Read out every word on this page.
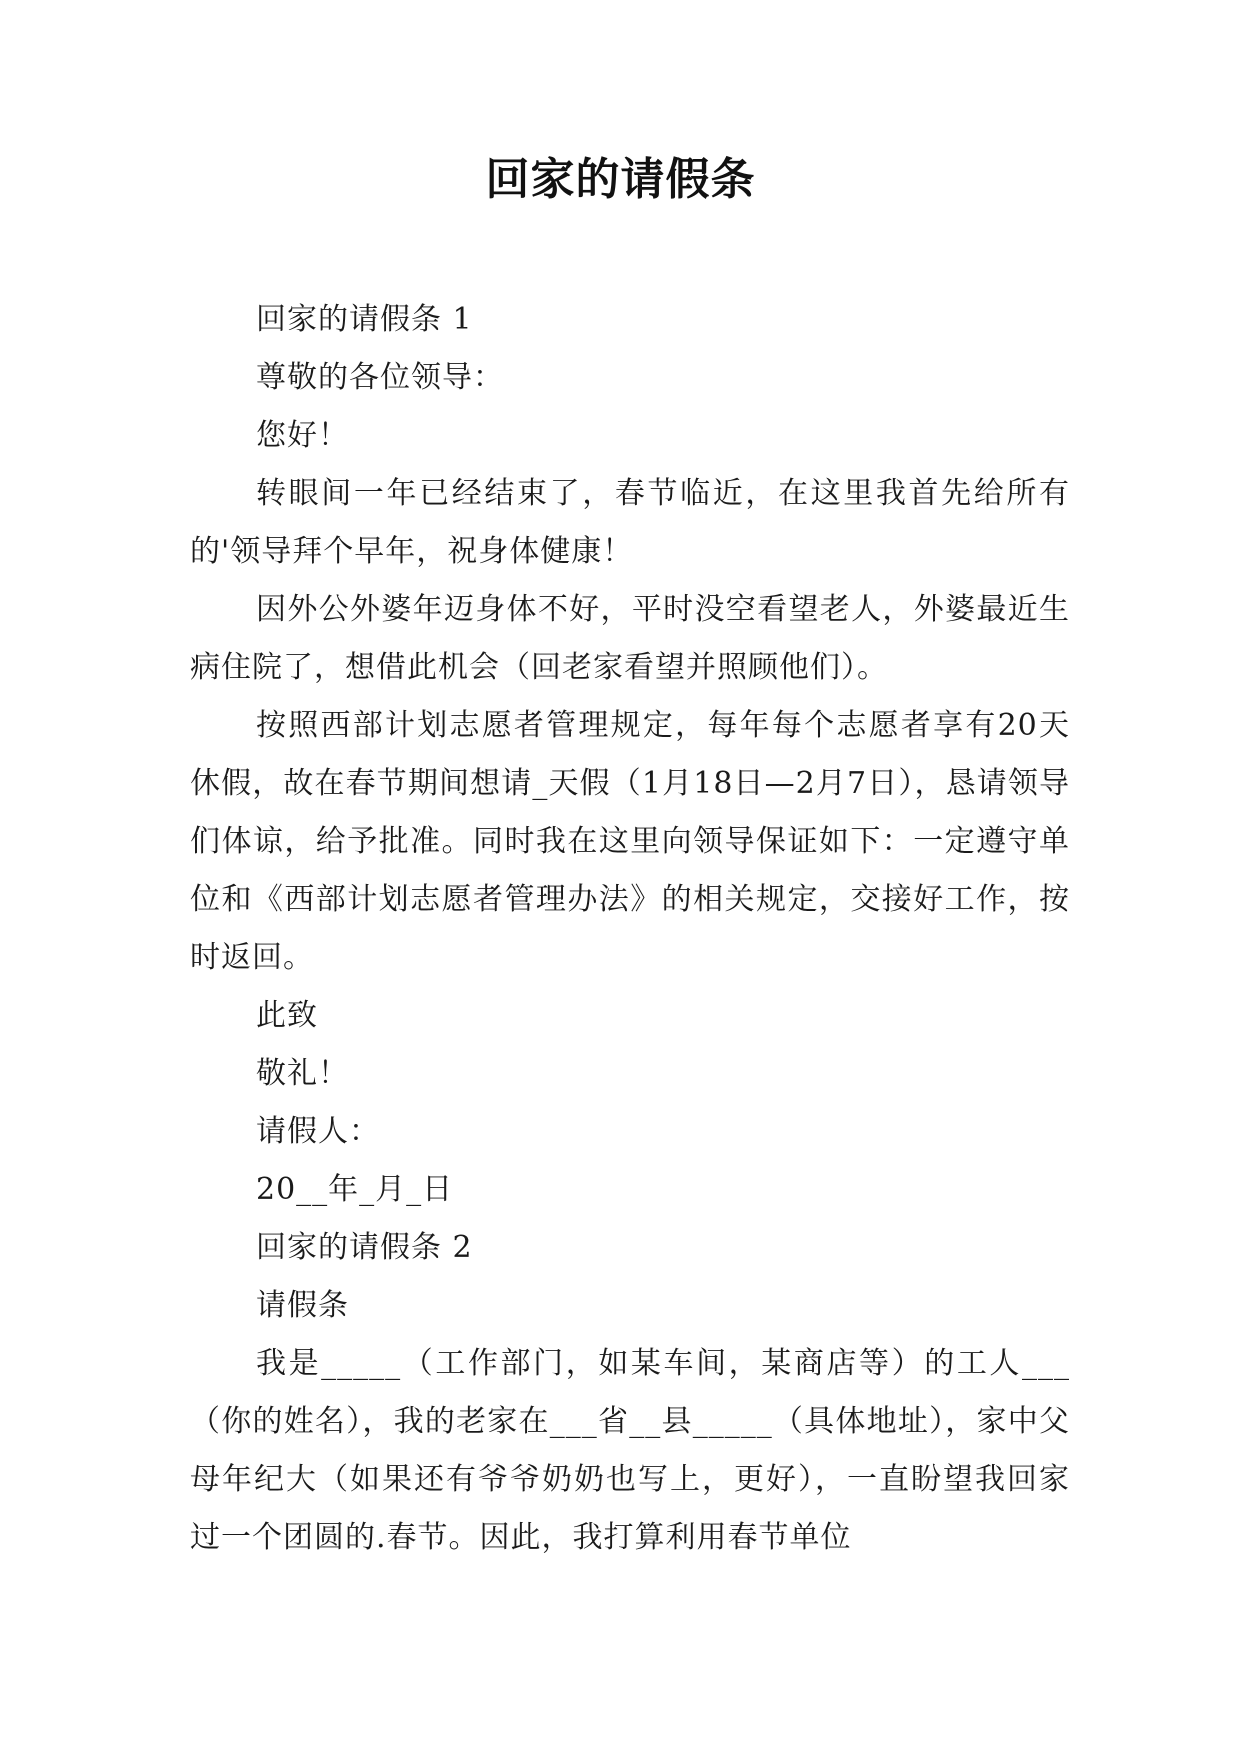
回家的请假条

回家的请假条 1

尊敬的各位领导：

您好！

转眼间一年已经结束了，春节临近，在这里我首先给所有的'领导拜个早年，祝身体健康！

因外公外婆年迈身体不好，平时没空看望老人，外婆最近生病住院了，想借此机会（回老家看望并照顾他们）。

按照西部计划志愿者管理规定，每年每个志愿者享有20天休假，故在春节期间想请_天假（1月18日—2月7日），恳请领导们体谅，给予批准。同时我在这里向领导保证如下：一定遵守单位和《西部计划志愿者管理办法》的相关规定，交接好工作，按时返回。

此致

敬礼！

请假人：

20__年_月_日

回家的请假条 2

请假条

我是_____（工作部门，如某车间，某商店等）的工人___（你的姓名），我的老家在___省__县_____（具体地址），家中父母年纪大（如果还有爷爷奶奶也写上，更好），一直盼望我回家过一个团圆的.春节。因此，我打算利用春节单位
